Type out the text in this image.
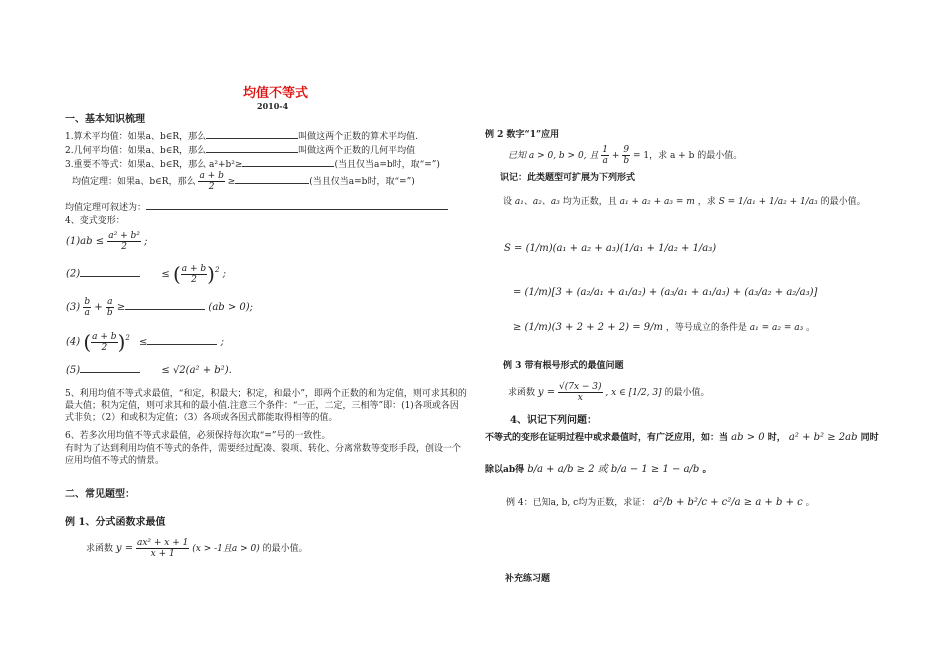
均值不等式
2010-4
一、基本知识梳理
1.算术平均值：如果a、b∈R，那么	叫做这两个正数的算术平均值.
2.几何平均值：如果a、b∈R，那么	叫做这两个正数的几何平均值
3.重要不等式：如果a、b∈R，那么 a²+b²≥	(当且仅当a=b时，取“=”)
均值定理：如果a、b∈R，那么 $\frac{a + b}{2}$ ≥	(当且仅当a=b时，取“=”)
均值定理可叙述为：
4、变式变形：
$(1)ab \le \frac{\text{a² + b²}}{2}$ ;
(2)	≤ ( $\frac{a + b}{2} )^2$ ;
$(3) \frac{b}{a} + \frac{a}{b}$ ≥	(ab > 0);
(4) ( $\frac{a + b}{2} )^2$ ≤	;
(5)	≤ √2(a² + b²).
5、利用均值不等式求最值，“和定，积最大；积定，和最小”，即两个正数的和为定值，则可求其积的最大值；积为定值，则可求其和的最小值.注意三个条件：“一正，二定，三相等”即：(1)各项或各因式非负；（2）和或积为定值；（3）各项或各因式都能取得相等的值。
6、若多次用均值不等式求最值，必须保持每次取“=”号的一致性。
有时为了达到利用均值不等式的条件，需要经过配凑、裂项、转化、分离常数等变形手段，创设一个应用均值不等式的情景。
二、常见题型：
例 1、分式函数求最值
求函数 $y = \frac{\text{ax² + x + 1}}{x + 1} (x > -1$且a > 0) 的最小值。
例 2 数字“1”应用
已知 a > 0, b > 0, 且 $\frac{1}{a} + \frac{9}{b} = 1$，求 a + b 的最小值。
识记：此类题型可扩展为下列形式
设 a₁、a₂、a₃ 均为正数，且 a₁ + a₂ + a₃ = m ，求 S = 1/a₁ + 1/a₂ + 1/a₃ 的最小值。
S = (1/m)(a₁ + a₂ + a₃)(1/a₁ + 1/a₂ + 1/a₃)
= (1/m)[3 + (a₂/a₁ + a₁/a₂) + (a₃/a₁ + a₁/a₃) + (a₃/a₂ + a₂/a₃)]
≥ (1/m)(3 + 2 + 2 + 2) = 9/m ，等号成立的条件是 a₁ = a₂ = a₃ 。
例 3 带有根号形式的最值问题
求函数 $y = \frac{√(7x - 3)}{x}$ , x ∈ [1/2, 3] 的最小值。
4、识记下列问题：
不等式的变形在证明过程中或求最值时，有广泛应用，如：当 ab > 0 时， a² + b² ≥ 2ab 同时
除以ab得 b/a + a/b ≥ 2 或 b/a − 1 ≥ 1 − a/b 。
例 4：已知a, b, c均为正数，求证： a²/b + b²/c + c²/a ≥ a + b + c 。
补充练习题
